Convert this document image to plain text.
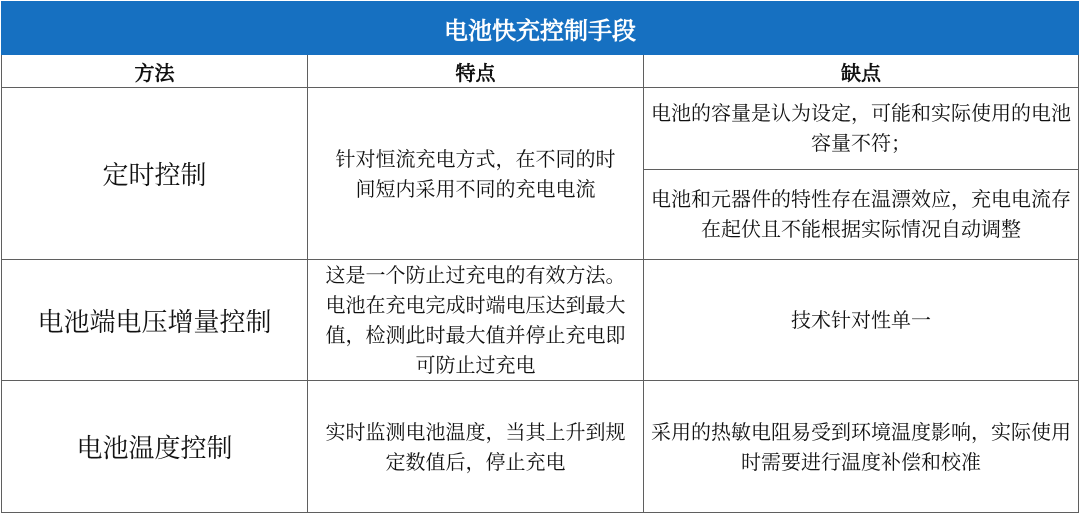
电池快充控制手段		
方法	特点	缺点
定时控制	针对恒流充电方式，在不同的时间短内采用不同的充电电流	电池的容量是认为设定，可能和实际使用的电池容量不符；
		电池和元器件的特性存在温漂效应，充电电流存在起伏且不能根据实际情况自动调整
电池端电压增量控制	这是一个防止过充电的有效方法。电池在充电完成时端电压达到最大值，检测此时最大值并停止充电即可防止过充电	技术针对性单一
电池温度控制	实时监测电池温度，当其上升到规定数值后，停止充电	采用的热敏电阻易受到环境温度影响，实际使用时需要进行温度补偿和校准
